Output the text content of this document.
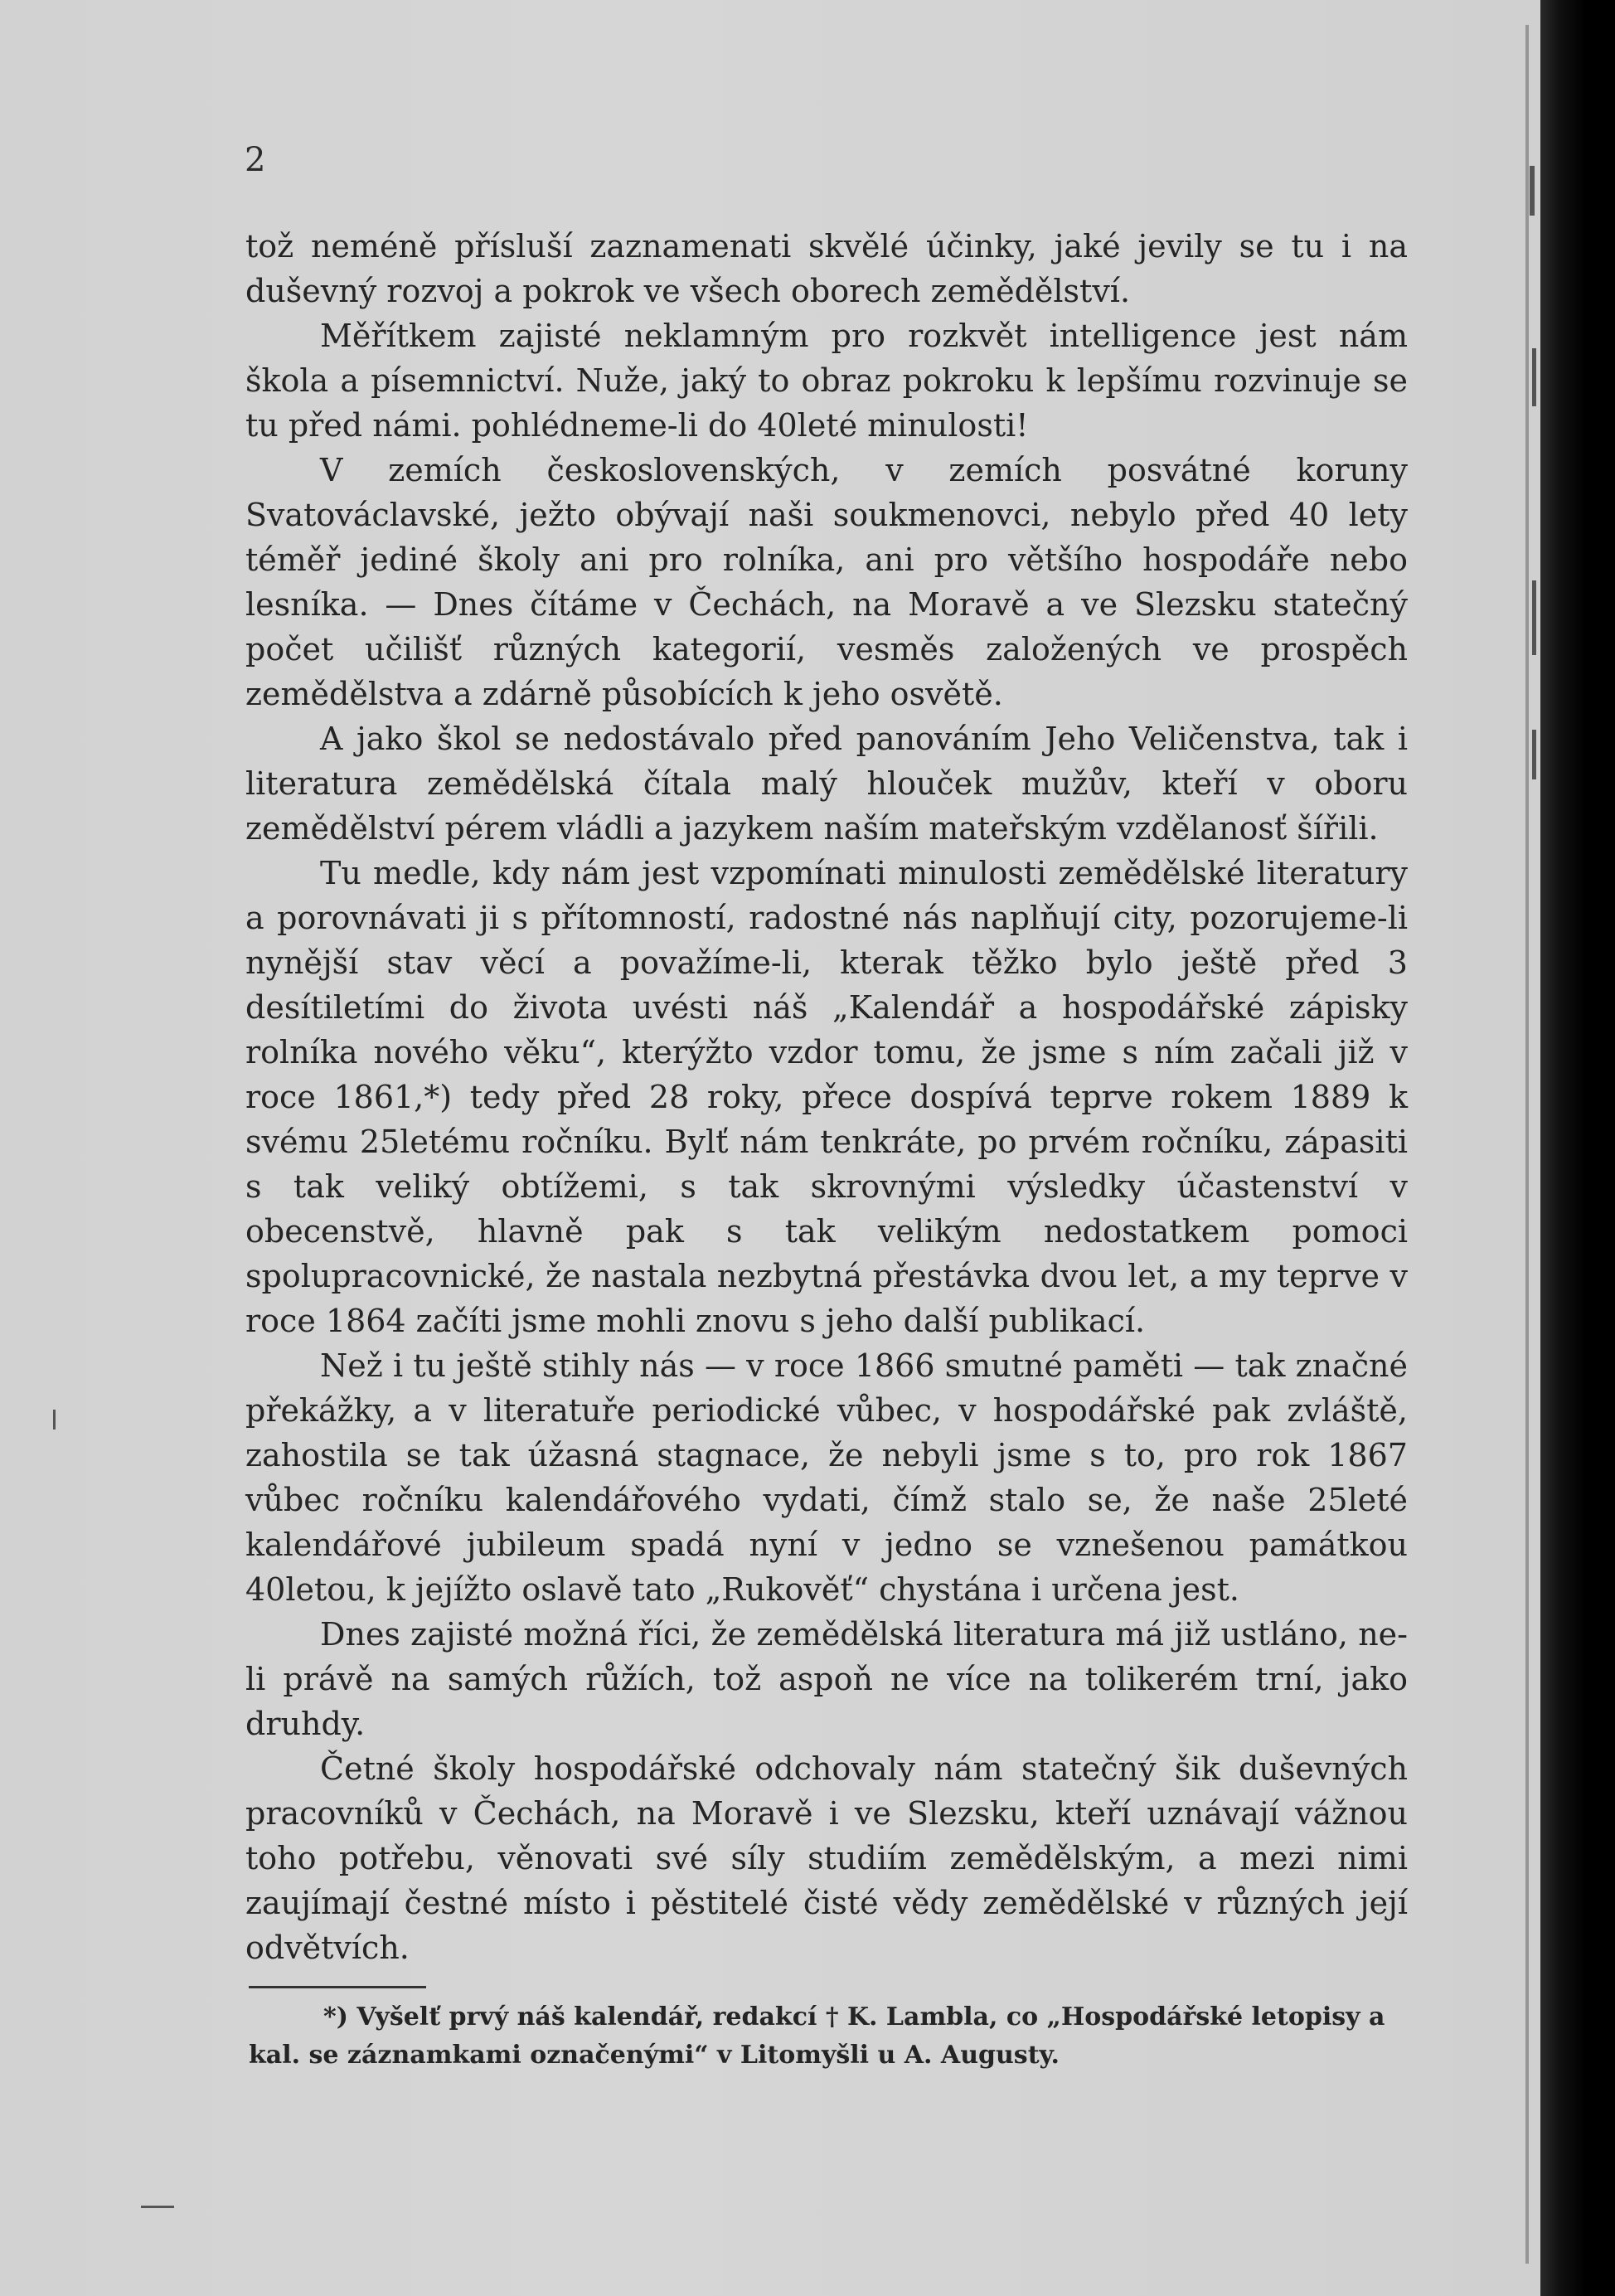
2

tož neméně přísluší zaznamenati skvělé účinky, jaké jevily se tu i na duševný rozvoj a pokrok ve všech oborech zemědělství.

Měřítkem zajisté neklamným pro rozkvět intelligence jest nám škola a písemnictví. Nuže, jaký to obraz pokroku k lepšímu rozvinuje se tu před námi. pohlédneme-li do 40leté minulosti!

V zemích československých, v zemích posvátné koruny Svatováclavské, ježto obývají naši soukmenovci, nebylo před 40 lety téměř jediné školy ani pro rolníka, ani pro většího hospodáře nebo lesníka. — Dnes čítáme v Čechách, na Moravě a ve Slezsku statečný počet učilišť různých kategorií, vesměs založených ve prospěch zemědělstva a zdárně působících k jeho osvětě.

A jako škol se nedostávalo před panováním Jeho Veličenstva, tak i literatura zemědělská čítala malý hlouček mužův, kteří v oboru zemědělství pérem vládli a jazykem naším mateřským vzdělanosť šířili.

Tu medle, kdy nám jest vzpomínati minulosti zemědělské literatury a porovnávati ji s přítomností, radostné nás naplňují city, pozorujeme-li nynější stav věcí a považíme-li, kterak těžko bylo ještě před 3 desítiletími do života uvésti náš „Kalendář a hospodářské zápisky rolníka nového věku“, kterýžto vzdor tomu, že jsme s ním začali již v roce 1861,*) tedy před 28 roky, přece dospívá teprve rokem 1889 k svému 25letému ročníku. Bylť nám tenkráte, po prvém ročníku, zápasiti s tak veliký obtížemi, s tak skrovnými výsledky účastenství v obecenstvě, hlavně pak s tak velikým nedostatkem pomoci spolupracovnické, že nastala nezbytná přestávka dvou let, a my teprve v roce 1864 začíti jsme mohli znovu s jeho další publikací.

Než i tu ještě stihly nás — v roce 1866 smutné paměti — tak značné překážky, a v literatuře periodické vůbec, v hospodářské pak zvláště, zahostila se tak úžasná stagnace, že nebyli jsme s to, pro rok 1867 vůbec ročníku kalendářového vydati, čímž stalo se, že naše 25leté kalendářové jubileum spadá nyní v jedno se vznešenou památkou 40letou, k jejížto oslavě tato „Rukověť“ chystána i určena jest.

Dnes zajisté možná říci, že zemědělská literatura má již ustláno, ne-li právě na samých růžích, tož aspoň ne více na tolikerém trní, jako druhdy.

Četné školy hospodářské odchovaly nám statečný šik duševných pracovníků v Čechách, na Moravě i ve Slezsku, kteří uznávají vážnou toho potřebu, věnovati své síly studiím zemědělským, a mezi nimi zaujímají čestné místo i pěstitelé čisté vědy zemědělské v různých její odvětvích.

*) Vyšelť prvý náš kalendář, redakcí † K. Lambla, co „Hospodářské letopisy a kal. se záznamkami označenými“ v Litomyšli u A. Augusty.
